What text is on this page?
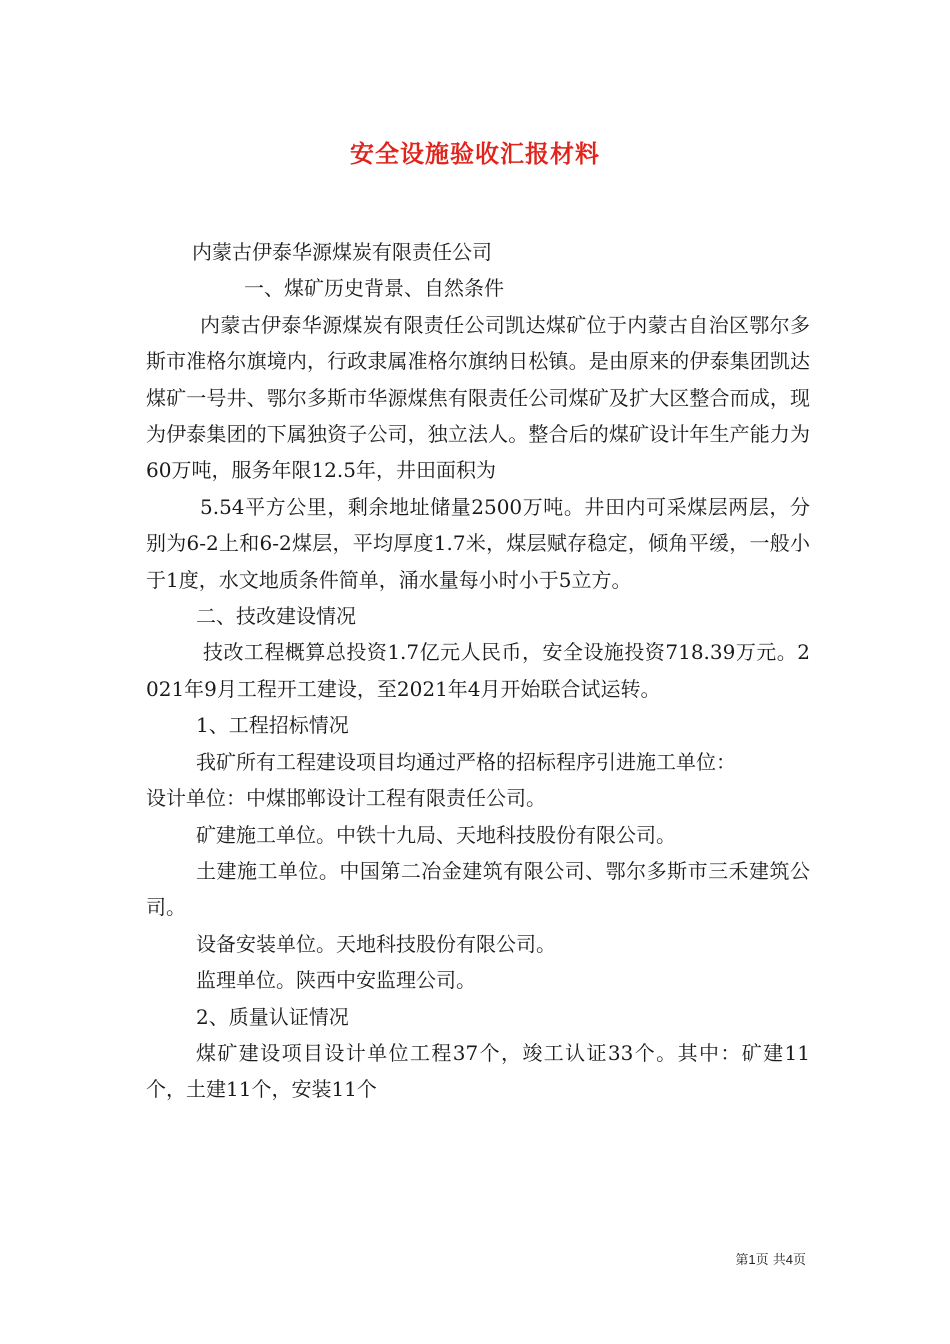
安全设施验收汇报材料

内蒙古伊泰华源煤炭有限责任公司

一、煤矿历史背景、自然条件

内蒙古伊泰华源煤炭有限责任公司凯达煤矿位于内蒙古自治区鄂尔多斯市准格尔旗境内，行政隶属准格尔旗纳日松镇。是由原来的伊泰集团凯达煤矿一号井、鄂尔多斯市华源煤焦有限责任公司煤矿及扩大区整合而成，现为伊泰集团的下属独资子公司，独立法人。整合后的煤矿设计年生产能力为60万吨，服务年限12.5年，井田面积为

5.54平方公里，剩余地址储量2500万吨。井田内可采煤层两层，分别为6-2上和6-2煤层，平均厚度1.7米，煤层赋存稳定，倾角平缓，一般小于1度，水文地质条件简单，涌水量每小时小于5立方。

二、技改建设情况

技改工程概算总投资1.7亿元人民币，安全设施投资718.39万元。2021年9月工程开工建设，至2021年4月开始联合试运转。

1、工程招标情况

我矿所有工程建设项目均通过严格的招标程序引进施工单位：

设计单位：中煤邯郸设计工程有限责任公司。

矿建施工单位。中铁十九局、天地科技股份有限公司。

土建施工单位。中国第二冶金建筑有限公司、鄂尔多斯市三禾建筑公司。

设备安装单位。天地科技股份有限公司。

监理单位。陕西中安监理公司。

2、质量认证情况

煤矿建设项目设计单位工程37个，竣工认证33个。其中：矿建11个，土建11个，安装11个

第1页 共4页
